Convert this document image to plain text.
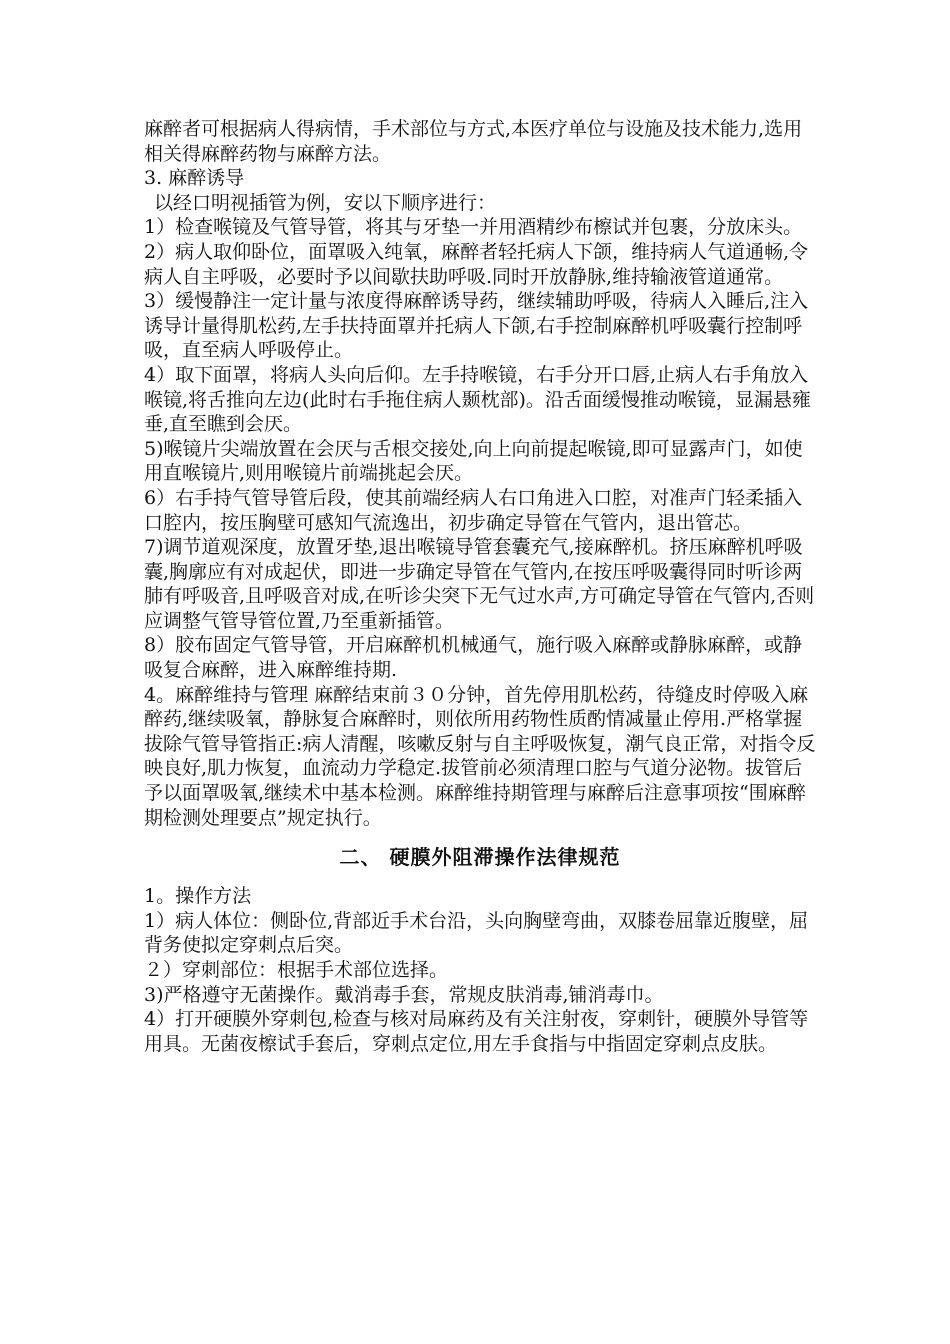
麻醉者可根据病人得病情，手术部位与方式,本医疗单位与设施及技术能力,选用相关得麻醉药物与麻醉方法。

3. 麻醉诱导

以经口明视插管为例，安以下顺序进行：

1）检查喉镜及气管导管，将其与牙垫一并用酒精纱布檫试并包裹，分放床头。

2）病人取仰卧位，面罩吸入纯氧，麻醉者轻托病人下颌，维持病人气道通畅,令病人自主呼吸，必要时予以间歇扶助呼吸.同时开放静脉,维持输液管道通常。

3）缓慢静注一定计量与浓度得麻醉诱导药，继续辅助呼吸，待病人入睡后,注入诱导计量得肌松药,左手扶持面罩并托病人下颌,右手控制麻醉机呼吸囊行控制呼吸，直至病人呼吸停止。

4）取下面罩，将病人头向后仰。左手持喉镜，右手分开口唇,止病人右手角放入喉镜,将舌推向左边(此时右手拖住病人颞枕部)。沿舌面缓慢推动喉镜，显漏悬雍垂,直至瞧到会厌。

5)喉镜片尖端放置在会厌与舌根交接处,向上向前提起喉镜,即可显露声门，如使用直喉镜片,则用喉镜片前端挑起会厌。

6）右手持气管导管后段，使其前端经病人右口角进入口腔，对准声门轻柔插入口腔内，按压胸壁可感知气流逸出，初步确定导管在气管内，退出管芯。

7)调节道观深度，放置牙垫,退出喉镜导管套囊充气,接麻醉机。挤压麻醉机呼吸囊,胸廓应有对成起伏，即进一步确定导管在气管内,在按压呼吸囊得同时听诊两肺有呼吸音,且呼吸音对成,在听诊尖突下无气过水声,方可确定导管在气管内,否则应调整气管导管位置,乃至重新插管。

8）胶布固定气管导管，开启麻醉机机械通气，施行吸入麻醉或静脉麻醉，或静吸复合麻醉，进入麻醉维持期.

4。麻醉维持与管理 麻醉结束前３０分钟，首先停用肌松药，待缝皮时停吸入麻醉药,继续吸氧，静脉复合麻醉时，则依所用药物性质酌情减量止停用.严格掌握拔除气管导管指正:病人清醒，咳嗽反射与自主呼吸恢复，潮气良正常，对指令反映良好,肌力恢复，血流动力学稳定.拔管前必须清理口腔与气道分泌物。拔管后予以面罩吸氧,继续术中基本检测。麻醉维持期管理与麻醉后注意事项按“围麻醉期检测处理要点”规定执行。

二、 硬膜外阻滞操作法律规范

1。操作方法

1）病人体位：侧卧位,背部近手术台沿，头向胸壁弯曲，双膝卷屈靠近腹壁，屈背务使拟定穿刺点后突。

２）穿刺部位：根据手术部位选择。

3)严格遵守无菌操作。戴消毒手套，常规皮肤消毒,铺消毒巾。

4）打开硬膜外穿刺包,检查与核对局麻药及有关注射夜，穿刺针，硬膜外导管等用具。无菌夜檫试手套后，穿刺点定位,用左手食指与中指固定穿刺点皮肤。
